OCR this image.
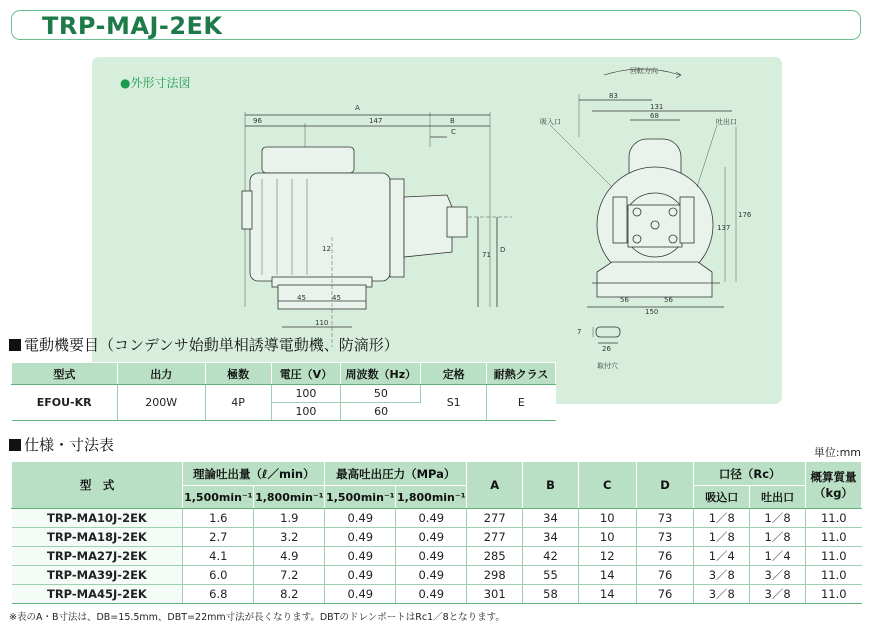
TRP-MAJ-2EK
●外形寸法図
A
B
C
D
96	147
12
71
45	45
110
回転方向
吸入口	吐出口
83
131
68
137
176
56	56
150
7
26
取付穴
電動機要目（コンデンサ始動単相誘導電動機、防滴形）
型式	出力	極数	電圧（V）	周波数（Hz）	定格	耐熱クラス
EFOU-KR	200W	4P	100	50	S1	E
			100	60		
仕様・寸法表	単位:mm
型　式	理論吐出量（ℓ／min）		最高吐出圧力（MPa）		A	B	C	D	口径（Rc）		概算質量
（kg）
	1,500min⁻¹	1,800min⁻¹	1,500min⁻¹	1,800min⁻¹					吸込口	吐出口	
TRP-MA10J-2EK	1.6	1.9	0.49	0.49	277	34	10	73	1／8	1／8	11.0
TRP-MA18J-2EK	2.7	3.2	0.49	0.49	277	34	10	73	1／8	1／8	11.0
TRP-MA27J-2EK	4.1	4.9	0.49	0.49	285	42	12	76	1／4	1／4	11.0
TRP-MA39J-2EK	6.0	7.2	0.49	0.49	298	55	14	76	3／8	3／8	11.0
TRP-MA45J-2EK	6.8	8.2	0.49	0.49	301	58	14	76	3／8	3／8	11.0
※表のA・B寸法は、DB=15.5mm、DBT=22mm寸法が長くなります。DBTのドレンポートはRc1／8となります。
